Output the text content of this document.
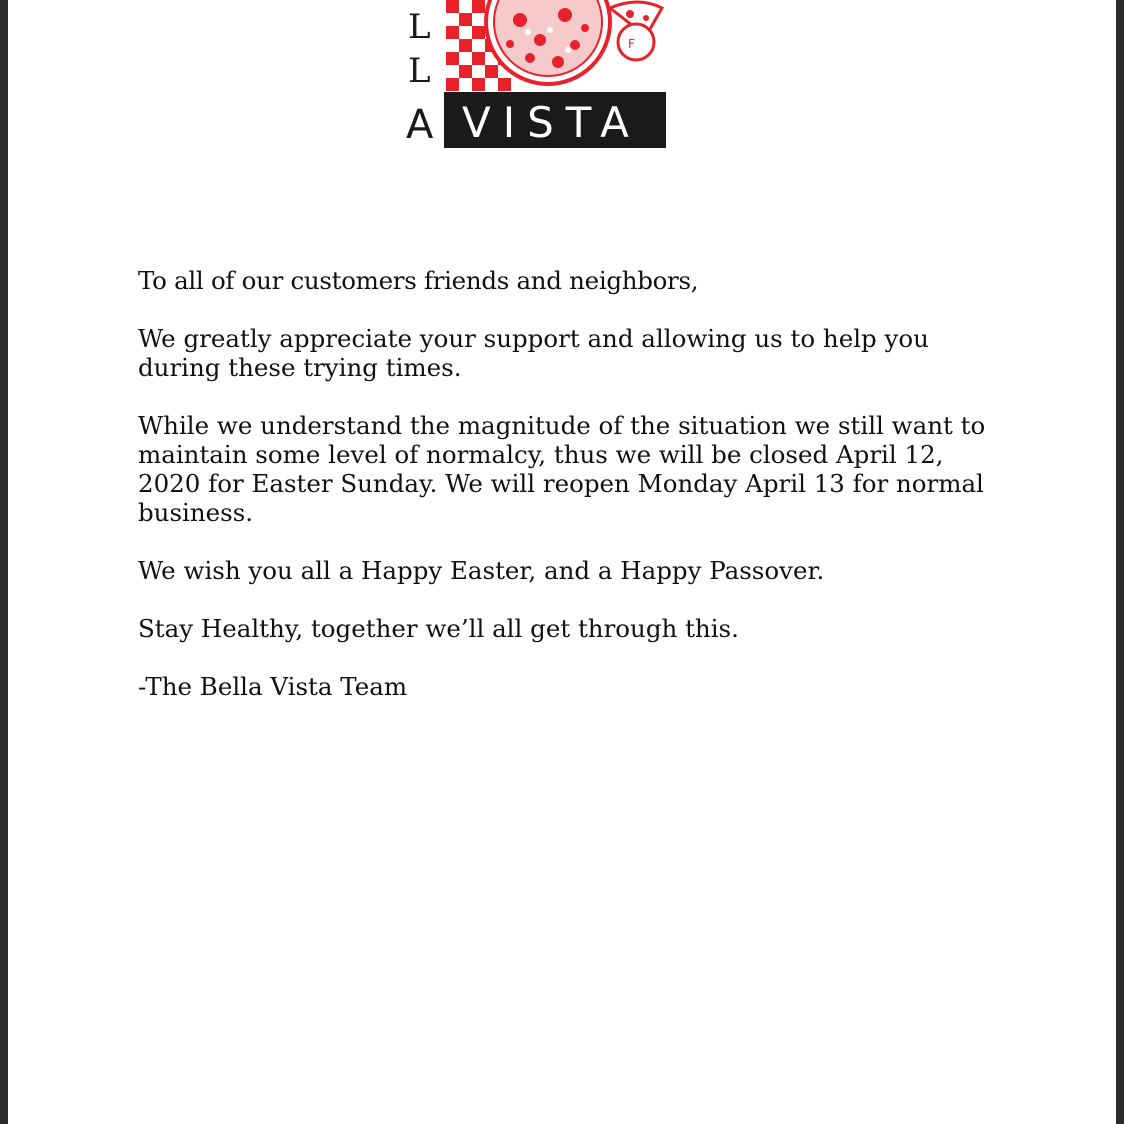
L
L
A
F
VISTA

To all of our customers friends and neighbors,

We greatly appreciate your support and allowing us to help you during these trying times.

While we understand the magnitude of the situation we still want to maintain some level of normalcy, thus we will be closed April 12, 2020 for Easter Sunday. We will reopen Monday April 13 for normal business.

We wish you all a Happy Easter, and a Happy Passover.

Stay Healthy, together we’ll all get through this.

-The Bella Vista Team
